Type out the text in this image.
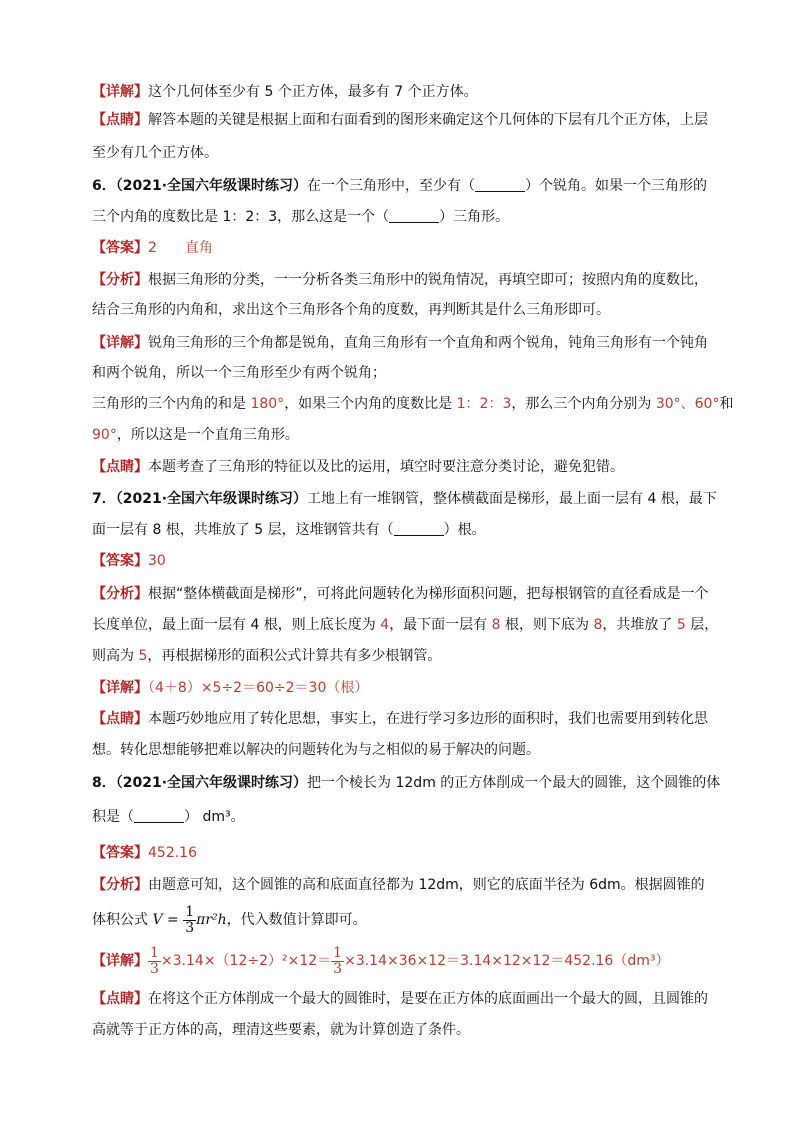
【详解】这个几何体至少有 5 个正方体，最多有 7 个正方体。
【点睛】解答本题的关键是根据上面和右面看到的图形来确定这个几何体的下层有几个正方体，上层
至少有几个正方体。
6．（2021·全国六年级课时练习）在一个三角形中，至少有（	）个锐角。如果一个三角形的
三个内角的度数比是 1：2：3，那么这是一个（	）三角形。
【答案】2　　直角
【分析】根据三角形的分类，一一分析各类三角形中的锐角情况，再填空即可；按照内角的度数比，
结合三角形的内角和，求出这个三角形各个角的度数，再判断其是什么三角形即可。
【详解】锐角三角形的三个角都是锐角，直角三角形有一个直角和两个锐角，钝角三角形有一个钝角
和两个锐角，所以一个三角形至少有两个锐角；
三角形的三个内角的和是 180°，如果三个内角的度数比是 1：2：3，那么三个内角分别为 30°、60°和
90°，所以这是一个直角三角形。
【点睛】本题考查了三角形的特征以及比的运用，填空时要注意分类讨论，避免犯错。
7．（2021·全国六年级课时练习）工地上有一堆钢管，整体横截面是梯形，最上面一层有 4 根，最下
面一层有 8 根，共堆放了 5 层，这堆钢管共有（	）根。
【答案】30
【分析】根据“整体横截面是梯形”，可将此问题转化为梯形面积问题，把每根钢管的直径看成是一个
长度单位，最上面一层有 4 根，则上底长度为 4，最下面一层有 8 根，则下底为 8，共堆放了 5 层，
则高为 5，再根据梯形的面积公式计算共有多少根钢管。
【详解】（4＋8）×5÷2＝60÷2＝30（根）
【点睛】本题巧妙地应用了转化思想，事实上，在进行学习多边形的面积时，我们也需要用到转化思
想。转化思想能够把难以解决的问题转化为与之相似的易于解决的问题。
8．（2021·全国六年级课时练习）把一个棱长为 12dm 的正方体削成一个最大的圆锥，这个圆锥的体
积是（	） dm³。
【答案】452.16
【分析】由题意可知，这个圆锥的高和底面直径都为 12dm，则它的底面半径为 6dm。根据圆锥的
体积公式 $V = \frac{1}{3} \pi r^2h$，代入数值计算即可。
【详解】 $\frac{1}{3} \times 3.14\times(12\div 2)^2\times 12= \frac{1}{3} \times 3.14\times 36\times 12=3.14\times 12\times 12=452.16(dm^3)$
【点睛】在将这个正方体削成一个最大的圆锥时，是要在正方体的底面画出一个最大的圆，且圆锥的
高就等于正方体的高，理清这些要素，就为计算创造了条件。
